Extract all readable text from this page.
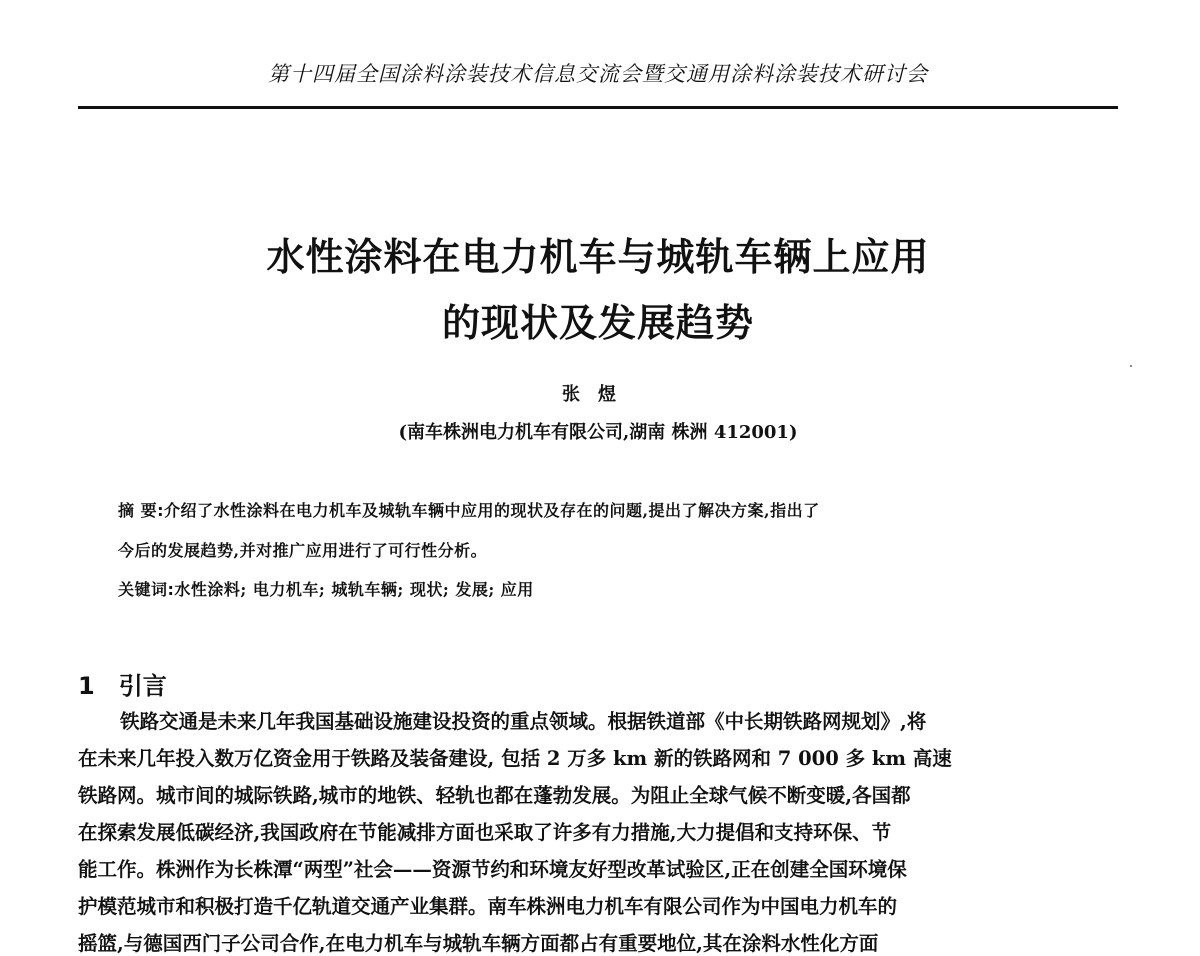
第十四届全国涂料涂装技术信息交流会暨交通用涂料涂装技术研讨会
水性涂料在电力机车与城轨车辆上应用
的现状及发展趋势
张煜
(南车株洲电力机车有限公司,湖南 株洲 412001)
摘 要:介绍了水性涂料在电力机车及城轨车辆中应用的现状及存在的问题,提出了解决方案,指出了
今后的发展趋势,并对推广应用进行了可行性分析。
关键词:水性涂料; 电力机车; 城轨车辆; 现状; 发展; 应用
1 引言
铁路交通是未来几年我国基础设施建设投资的重点领域。根据铁道部《中长期铁路网规划》,将
在未来几年投入数万亿资金用于铁路及装备建设, 包括 2 万多 km 新的铁路网和 7 000 多 km 高速
铁路网。城市间的城际铁路,城市的地铁、轻轨也都在蓬勃发展。为阻止全球气候不断变暖,各国都
在探索发展低碳经济,我国政府在节能减排方面也采取了许多有力措施,大力提倡和支持环保、节
能工作。株洲作为长株潭“两型”社会——资源节约和环境友好型改革试验区,正在创建全国环境保
护模范城市和积极打造千亿轨道交通产业集群。南车株洲电力机车有限公司作为中国电力机车的
摇篮,与德国西门子公司合作,在电力机车与城轨车辆方面都占有重要地位,其在涂料水性化方面
